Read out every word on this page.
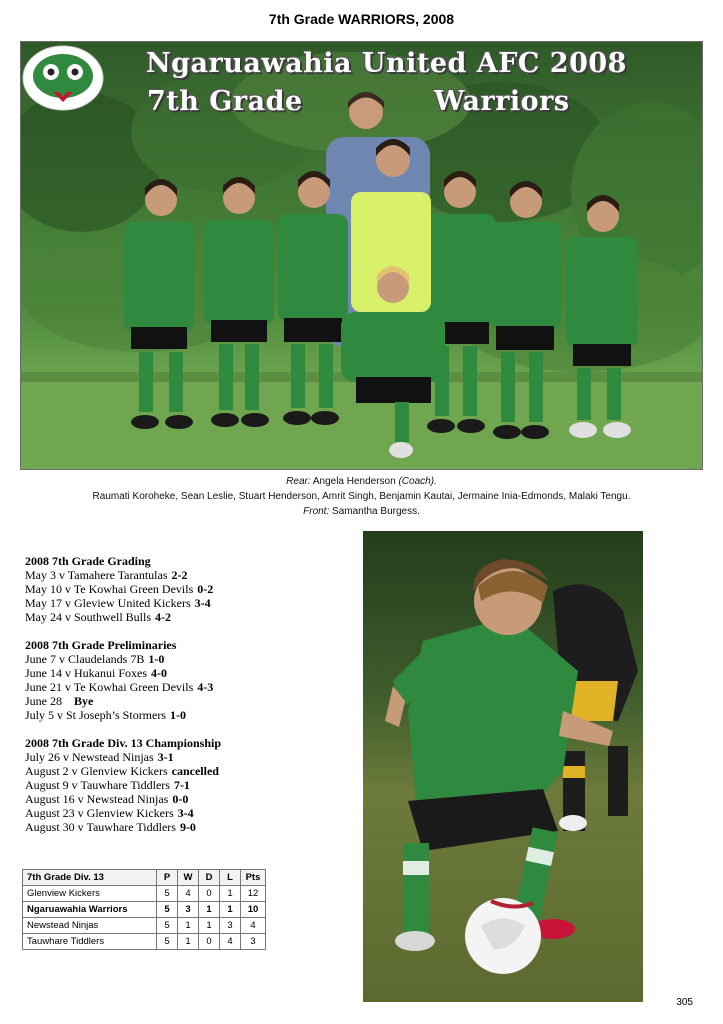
7th Grade WARRIORS, 2008
Ngaruawahia United AFC 2008
7th Grade	Warriors
Rear: Angela Henderson (Coach).
Raumati Koroheke, Sean Leslie, Stuart Henderson, Amrit Singh, Benjamin Kautai, Jermaine Inia-Edmonds, Malaki Tengu.
Front: Samantha Burgess.
2008 7th Grade Grading
May 3 v Tamahere Tarantulas 2-2
May 10 v Te Kowhai Green Devils 0-2
May 17 v Gleview United Kickers 3-4
May 24 v Southwell Bulls 4-2
2008 7th Grade Preliminaries
June 7 v Claudelands 7B 1-0
June 14 v Hukanui Foxes 4-0
June 21 v Te Kowhai Green Devils 4-3
June 28 Bye
July 5 v St Joseph’s Stormers 1-0
2008 7th Grade Div. 13 Championship
July 26 v Newstead Ninjas 3-1
August 2 v Glenview Kickers cancelled
August 9 v Tauwhare Tiddlers 7-1
August 16 v Newstead Ninjas 0-0
August 23 v Glenview Kickers 3-4
August 30 v Tauwhare Tiddlers 9-0
7th Grade Div. 13	P	W	D	L	Pts
Glenview Kickers	5	4	0	1	12
Ngaruawahia Warriors	5	3	1	1	10
Newstead Ninjas	5	1	1	3	4
Tauwhare Tiddlers	5	1	0	4	3
305
